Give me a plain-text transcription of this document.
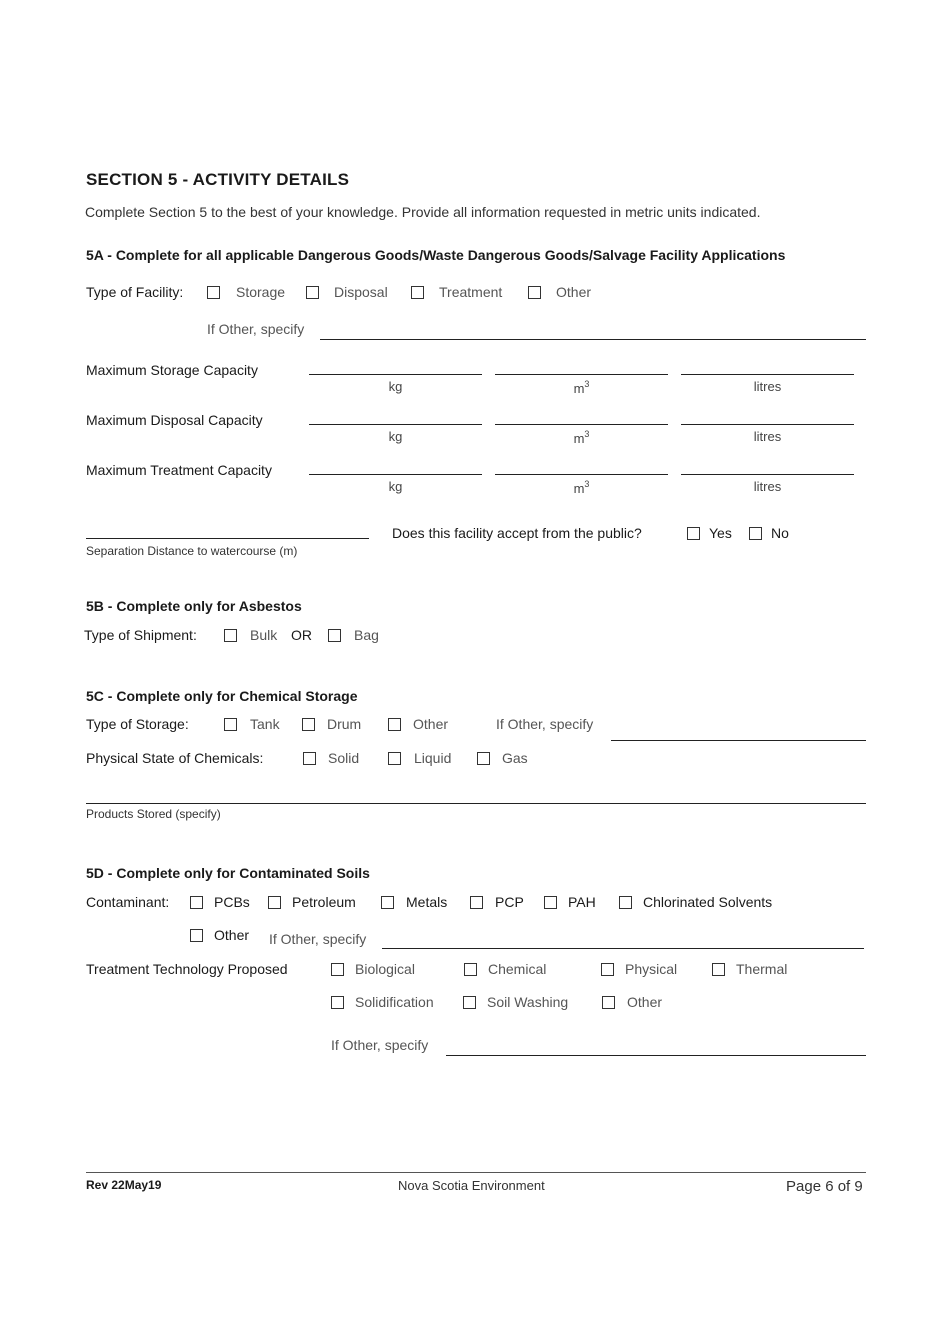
SECTION 5 - ACTIVITY DETAILS
Complete Section 5 to the best of your knowledge. Provide all information requested in metric units indicated.
5A - Complete for all applicable Dangerous Goods/Waste Dangerous Goods/Salvage Facility Applications
Type of Facility:	Storage	Disposal	Treatment	Other
If Other, specify
Maximum Storage Capacity
kg	$m^3$	litres
Maximum Disposal Capacity
kg	$m^3$	litres
Maximum Treatment Capacity
kg	$m^3$	litres
Separation Distance to watercourse (m)
Does this facility accept from the public?	Yes	No
5B - Complete only for Asbestos
Type of Shipment:	Bulk OR	Bag
5C - Complete only for Chemical Storage
Type of Storage:	Tank	Drum	Other	If Other, specify
Physical State of Chemicals:	Solid	Liquid	Gas
Products Stored (specify)
5D - Complete only for Contaminated Soils
Contaminant:	PCBs	Petroleum	Metals	PCP	PAH	Chlorinated Solvents
Other If Other, specify
Treatment Technology Proposed	Biological	Chemical	Physical	Thermal
Solidification	Soil Washing	Other
If Other, specify
Rev 22May19	Nova Scotia Environment	Page 6 of 9
